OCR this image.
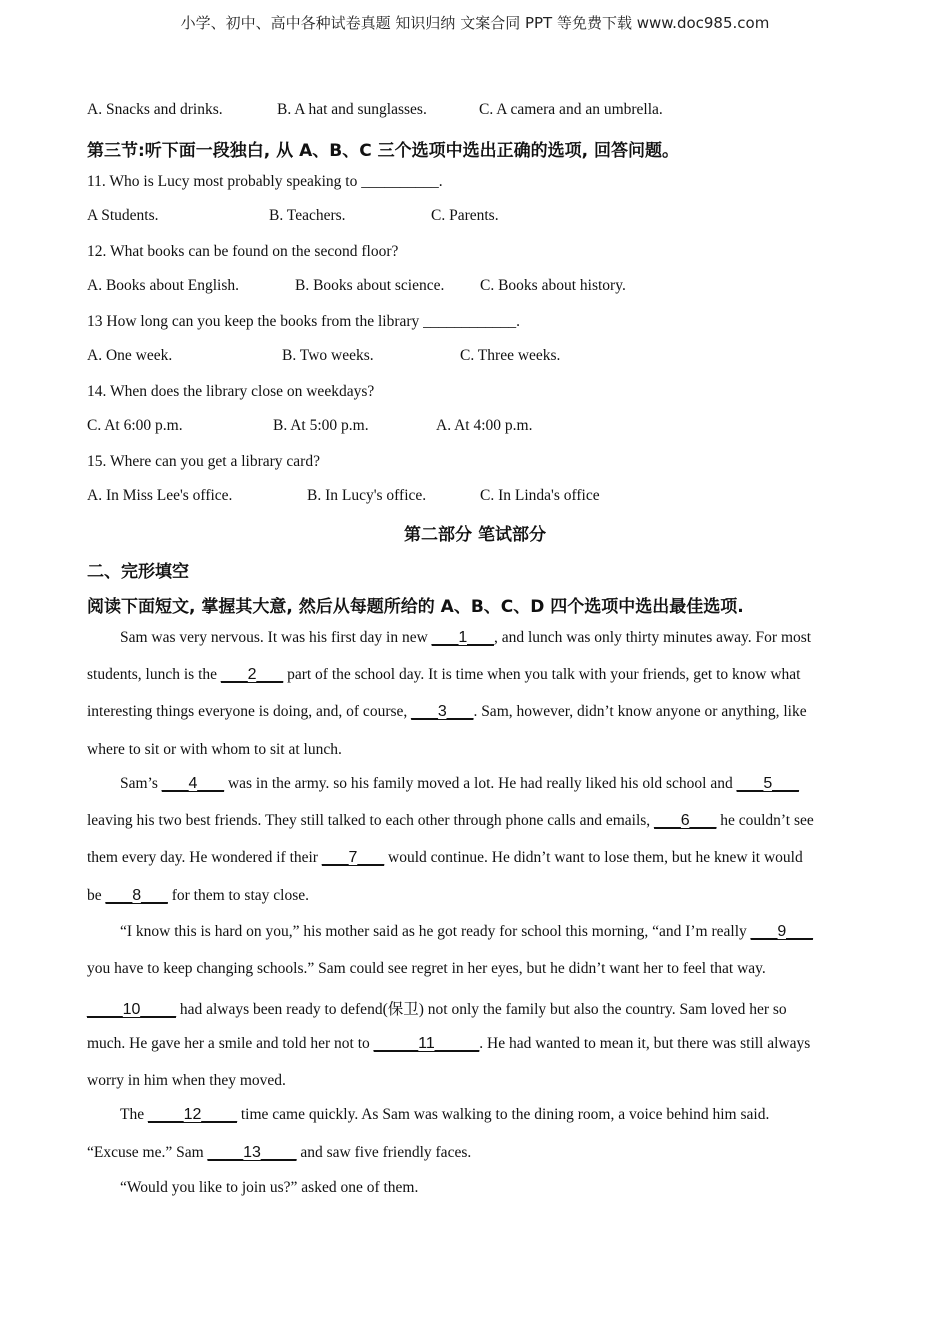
小学、初中、高中各种试卷真题 知识归纳 文案合同 PPT 等免费下载 www.doc985.com
A. Snacks and drinks.	B. A hat and sunglasses.	C. A camera and an umbrella.
第三节:听下面一段独白, 从 A、B、C 三个选项中选出正确的选项, 回答问题。
11. Who is Lucy most probably speaking to __________.
A Students.	B. Teachers.	C. Parents.
12. What books can be found on the second floor?
A. Books about English.	B. Books about science. C. Books about history.
13 How long can you keep the books from the library ____________.
A. One week.	B. Two weeks.	C. Three weeks.
14. When does the library close on weekdays?
C. At 6:00 p.m.	B. At 5:00 p.m.	A. At 4:00 p.m.
15. Where can you get a library card?
A. In Miss Lee's office.	B. In Lucy's office.	C. In Linda's office
第二部分 笔试部分
二、完形填空
阅读下面短文, 掌握其大意, 然后从每题所给的 A、B、C、D 四个选项中选出最佳选项.
Sam was very nervous. It was his first day in new ___1___, and lunch was only thirty minutes away. For most
students, lunch is the ___2___ part of the school day. It is time when you talk with your friends, get to know what
interesting things everyone is doing, and, of course, ___3___. Sam, however, didn’t know anyone or anything, like
where to sit or with whom to sit at lunch.
Sam’s ___4___ was in the army. so his family moved a lot. He had really liked his old school and ___5___
leaving his two best friends. They still talked to each other through phone calls and emails, ___6___ he couldn’t see
them every day. He wondered if their ___7___ would continue. He didn’t want to lose them, but he knew it would
be ___8___ for them to stay close.
“I know this is hard on you,” his mother said as he got ready for school this morning, “and I’m really ___9___
you have to keep changing schools.” Sam could see regret in her eyes, but he didn’t want her to feel that way.
____10____ had always been ready to defend(保卫) not only the family but also the country. Sam loved her so
much. He gave her a smile and told her not to _____11_____. He had wanted to mean it, but there was still always
worry in him when they moved.
The ____12____ time came quickly. As Sam was walking to the dining room, a voice behind him said.
“Excuse me.” Sam ____13____ and saw five friendly faces.
“Would you like to join us?” asked one of them.
